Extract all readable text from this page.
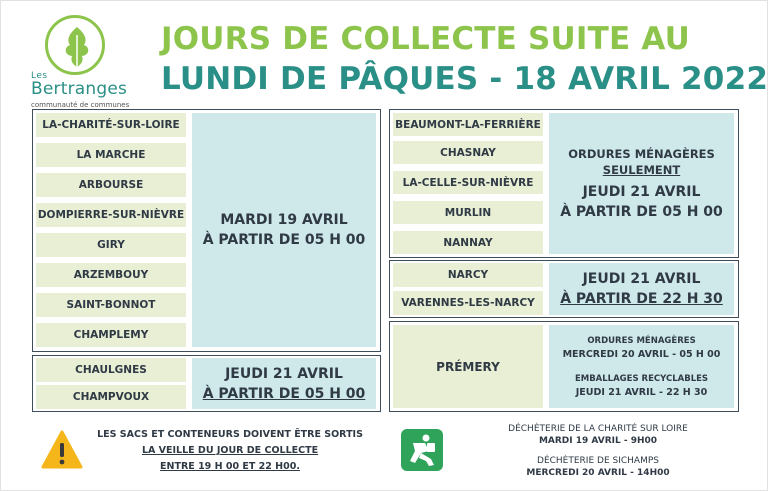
Les
Bertranges
communauté de communes
JOURS DE COLLECTE SUITE AU
LUNDI DE PÂQUES - 18 AVRIL 2022
LA-CHARITÉ-SUR-LOIRE
LA MARCHE
ARBOURSE
DOMPIERRE-SUR-NIÈVRE
GIRY
ARZEMBOUY
SAINT-BONNOT
CHAMPLEMY
MARDI 19 AVRIL
À PARTIR DE 05 H 00
CHAULGNES
CHAMPVOUX
JEUDI 21 AVRIL
À PARTIR DE 05 H 00
BEAUMONT-LA-FERRIÈRE
CHASNAY
LA-CELLE-SUR-NIÈVRE
MURLIN
NANNAY
ORDURES MÉNAGÈRES
SEULEMENT
JEUDI 21 AVRIL
À PARTIR DE 05 H 00
NARCY
VARENNES-LES-NARCY
JEUDI 21 AVRIL
À PARTIR DE 22 H 30
PRÉMERY
ORDURES MÉNAGÈRES
MERCREDI 20 AVRIL - 05 H 00
EMBALLAGES RECYCLABLES
JEUDI 21 AVRIL - 22 H 30
LES SACS ET CONTENEURS DOIVENT ÊTRE SORTIS
LA VEILLE DU JOUR DE COLLECTE
ENTRE 19 H 00 ET 22 H00.
DÉCHÈTERIE DE LA CHARITÉ SUR LOIRE
MARDI 19 AVRIL - 9H00
DÉCHÈTERIE DE SICHAMPS
MERCREDI 20 AVRIL - 14H00
